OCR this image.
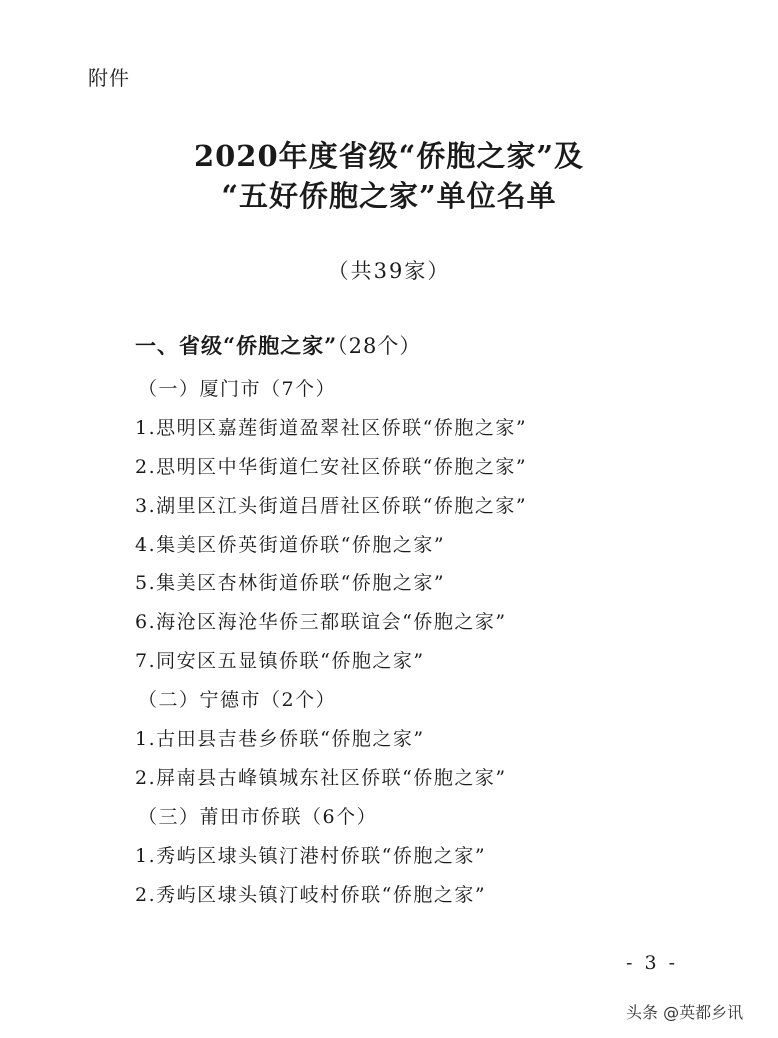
附件
2020年度省级“侨胞之家”及
“五好侨胞之家”单位名单
（共39家）
一、省级“侨胞之家”（28个）
（一）厦门市（7个）
1.思明区嘉莲街道盈翠社区侨联“侨胞之家”
2.思明区中华街道仁安社区侨联“侨胞之家”
3.湖里区江头街道吕厝社区侨联“侨胞之家”
4.集美区侨英街道侨联“侨胞之家”
5.集美区杏林街道侨联“侨胞之家”
6.海沧区海沧华侨三都联谊会“侨胞之家”
7.同安区五显镇侨联“侨胞之家”
（二）宁德市（2个）
1.古田县吉巷乡侨联“侨胞之家”
2.屏南县古峰镇城东社区侨联“侨胞之家”
（三）莆田市侨联（6个）
1.秀屿区埭头镇汀港村侨联“侨胞之家”
2.秀屿区埭头镇汀岐村侨联“侨胞之家”
- 3 -
头条 @英都乡讯
